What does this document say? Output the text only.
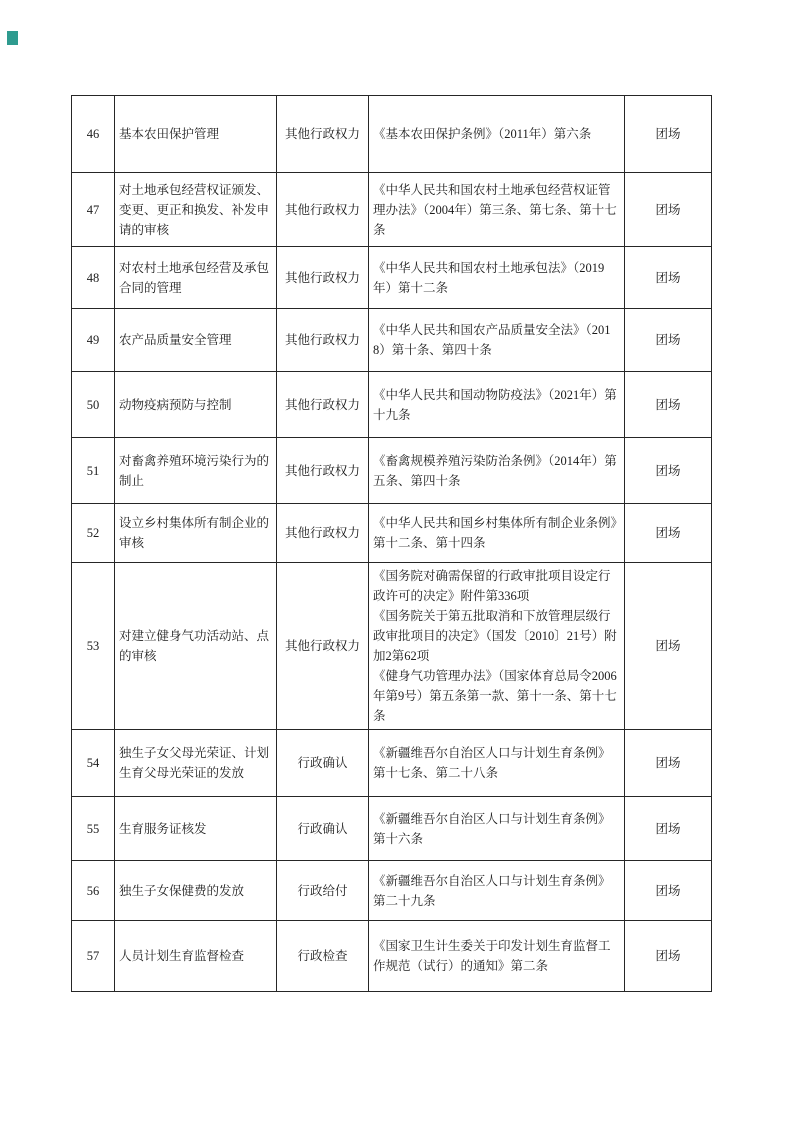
46	基本农田保护管理	其他行政权力	《基本农田保护条例》（2011年）第六条	团场
47	对土地承包经营权证颁发、变更、更正和换发、补发申请的审核	其他行政权力	《中华人民共和国农村土地承包经营权证管理办法》（2004年）第三条、第七条、第十七条	团场
48	对农村土地承包经营及承包合同的管理	其他行政权力	《中华人民共和国农村土地承包法》（2019年）第十二条	团场
49	农产品质量安全管理	其他行政权力	《中华人民共和国农产品质量安全法》（2018）第十条、第四十条	团场
50	动物疫病预防与控制	其他行政权力	《中华人民共和国动物防疫法》（2021年）第十九条	团场
51	对畜禽养殖环境污染行为的制止	其他行政权力	《畜禽规模养殖污染防治条例》（2014年）第五条、第四十条	团场
52	设立乡村集体所有制企业的审核	其他行政权力	《中华人民共和国乡村集体所有制企业条例》第十二条、第十四条	团场
53	对建立健身气功活动站、点的审核	其他行政权力	《国务院对确需保留的行政审批项目设定行政许可的决定》附件第336项

《国务院关于第五批取消和下放管理层级行政审批项目的决定》（国发〔2010〕21号）附加2第62项

《健身气功管理办法》（国家体育总局令2006年第9号）第五条第一款、第十一条、第十七条	团场
54	独生子女父母光荣证、计划生育父母光荣证的发放	行政确认	《新疆维吾尔自治区人口与计划生育条例》第十七条、第二十八条	团场
55	生育服务证核发	行政确认	《新疆维吾尔自治区人口与计划生育条例》第十六条	团场
56	独生子女保健费的发放	行政给付	《新疆维吾尔自治区人口与计划生育条例》第二十九条	团场
57	人员计划生育监督检查	行政检查	《国家卫生计生委关于印发计划生育监督工作规范（试行）的通知》第二条	团场
